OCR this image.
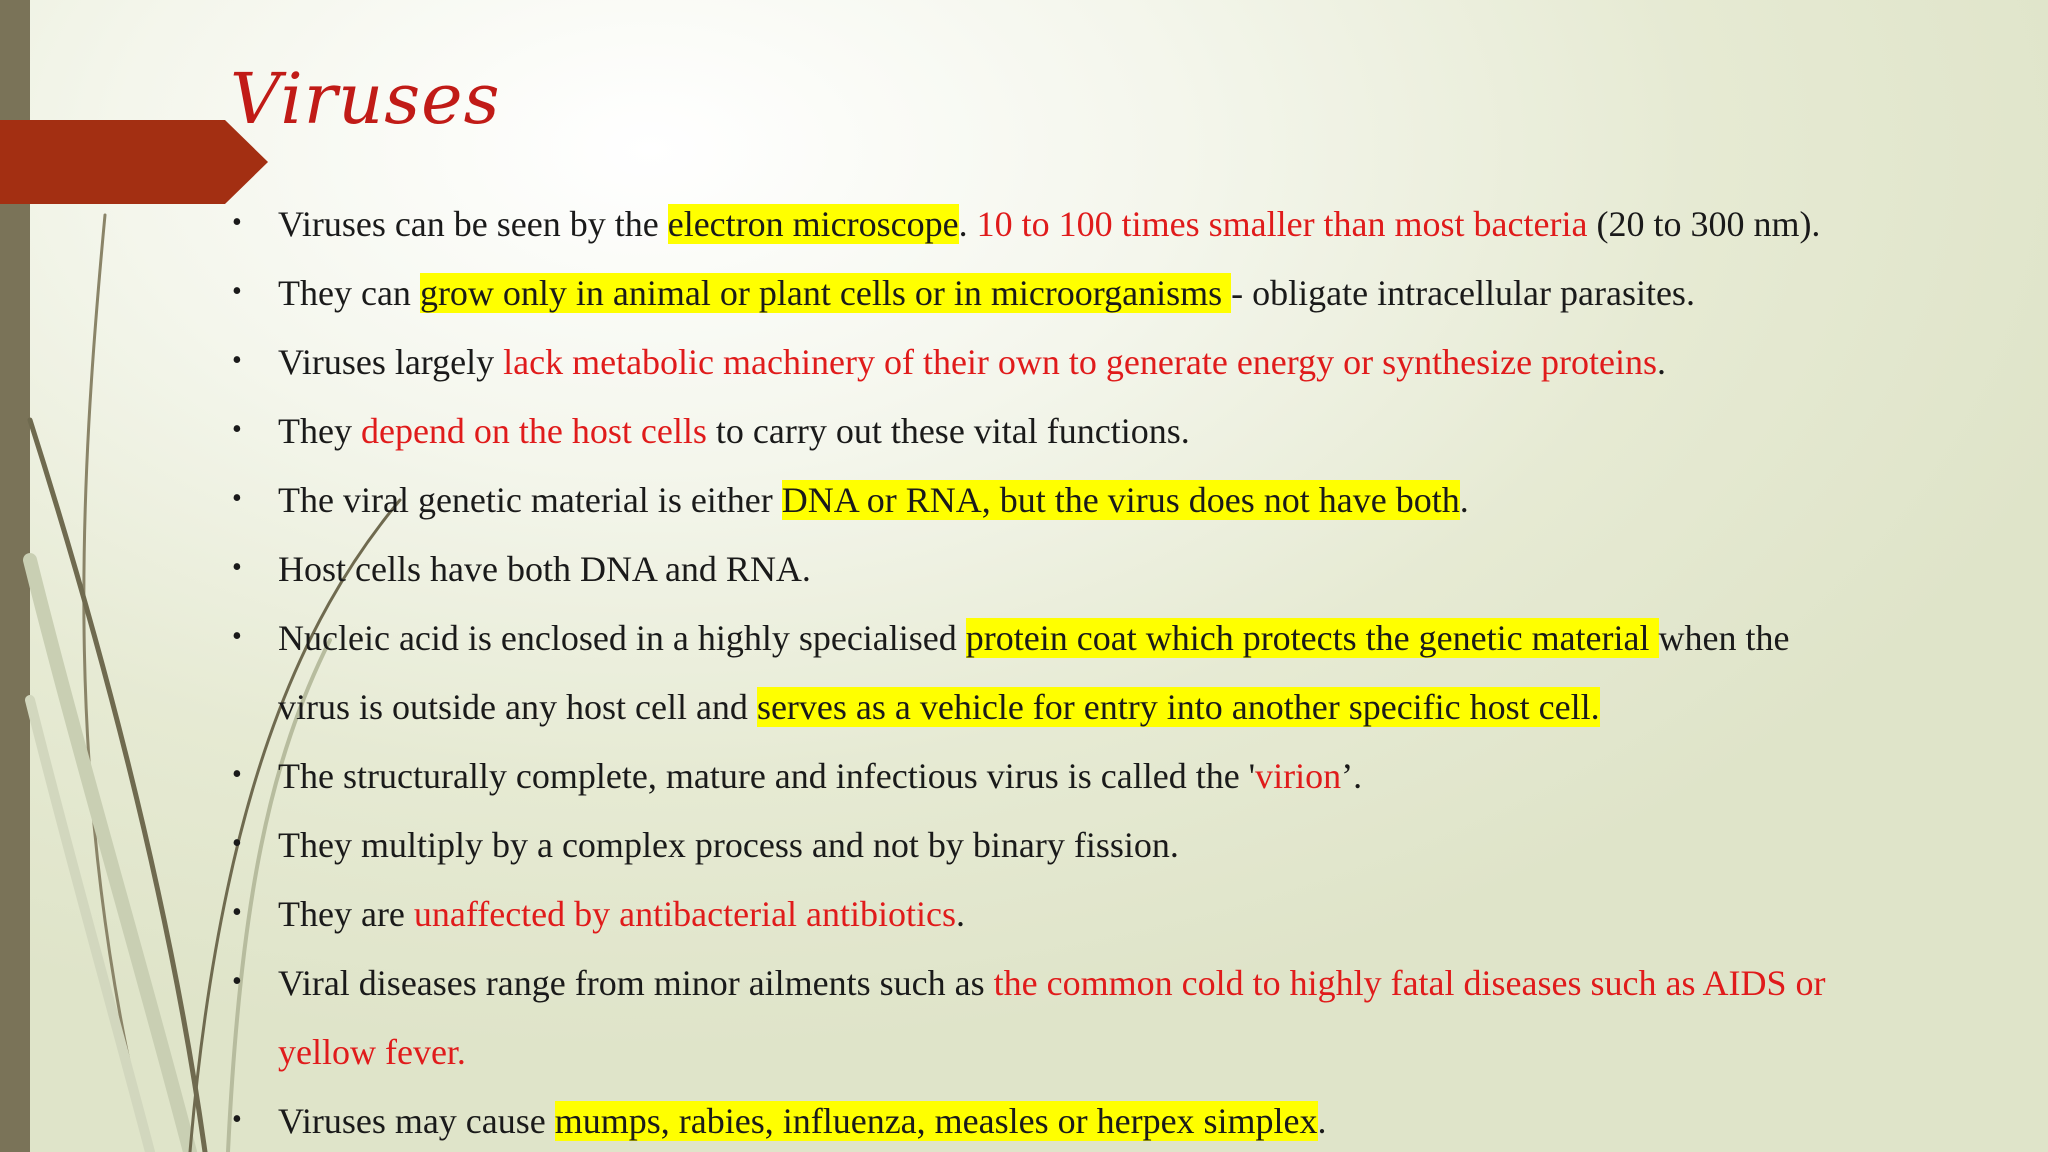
Viruses
• Viruses can be seen by the electron microscope. 10 to 100 times smaller than most bacteria (20 to 300 nm).
• They can grow only in animal or plant cells or in microorganisms - obligate intracellular parasites.
• Viruses largely lack metabolic machinery of their own to generate energy or synthesize proteins.
• They depend on the host cells to carry out these vital functions.
• The viral genetic material is either DNA or RNA, but the virus does not have both.
• Host cells have both DNA and RNA.
• Nucleic acid is enclosed in a highly specialised protein coat which protects the genetic material when the
virus is outside any host cell and serves as a vehicle for entry into another specific host cell.
• The structurally complete, mature and infectious virus is called the 'virion’.
• They multiply by a complex process and not by binary fission.
• They are unaffected by antibacterial antibiotics.
• Viral diseases range from minor ailments such as the common cold to highly fatal diseases such as AIDS or
yellow fever.
• Viruses may cause mumps, rabies, influenza, measles or herpex simplex.
